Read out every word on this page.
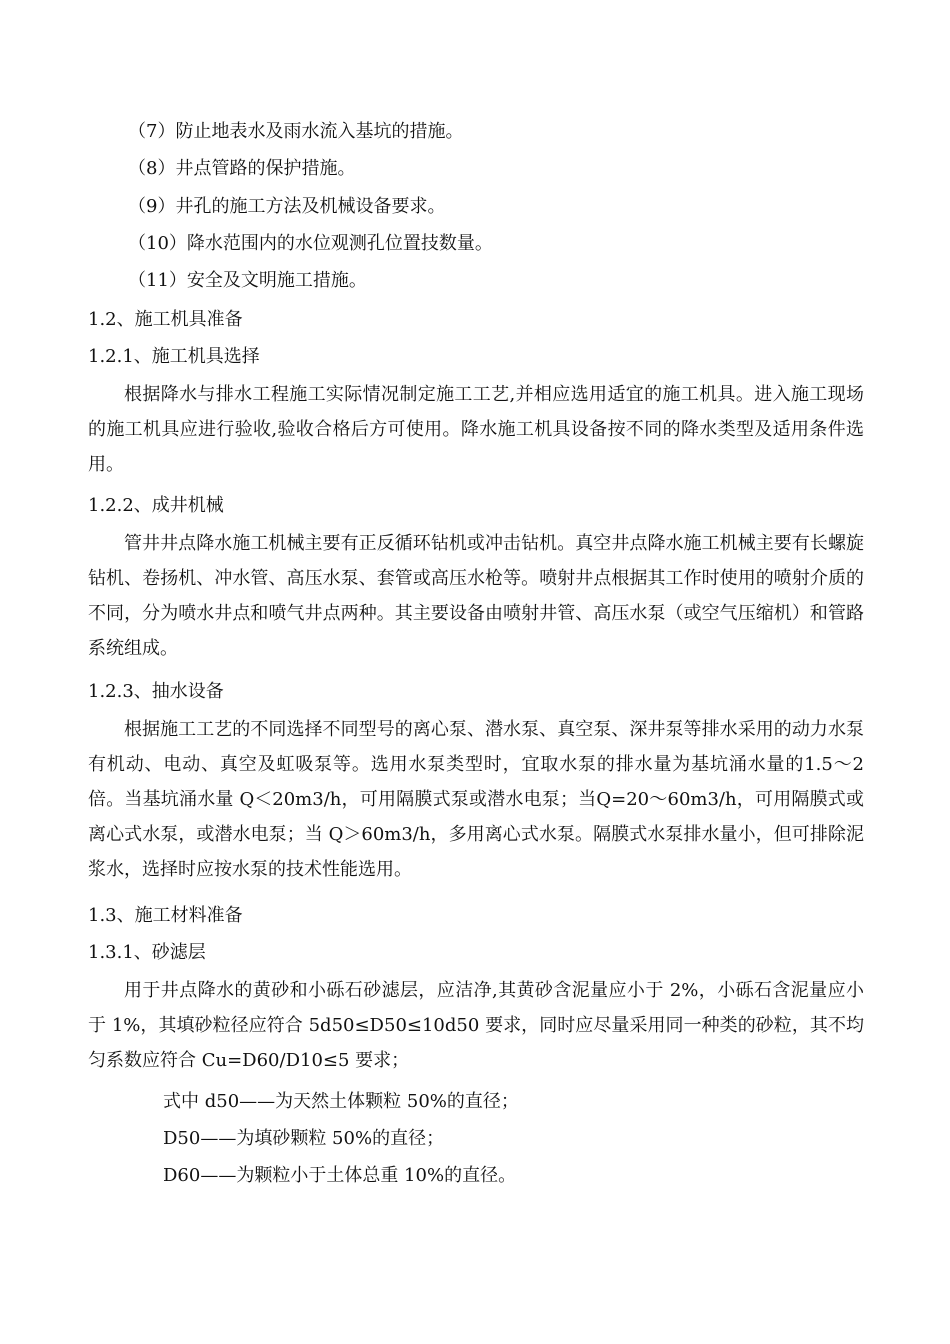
（7）防止地表水及雨水流入基坑的措施。
（8）井点管路的保护措施。
（9）井孔的施工方法及机械设备要求。
（10）降水范围内的水位观测孔位置技数量。
（11）安全及文明施工措施。
1.2、施工机具准备
1.2.1、施工机具选择
根据降水与排水工程施工实际情况制定施工工艺,并相应选用适宜的施工机具。进入施工现场的施工机具应进行验收,验收合格后方可使用。降水施工机具设备按不同的降水类型及适用条件选用。
1.2.2、成井机械
管井井点降水施工机械主要有正反循环钻机或冲击钻机。真空井点降水施工机械主要有长螺旋钻机、卷扬机、冲水管、高压水泵、套管或高压水枪等。喷射井点根据其工作时使用的喷射介质的不同，分为喷水井点和喷气井点两种。其主要设备由喷射井管、高压水泵（或空气压缩机）和管路系统组成。
1.2.3、抽水设备
根据施工工艺的不同选择不同型号的离心泵、潜水泵、真空泵、深井泵等排水采用的动力水泵有机动、电动、真空及虹吸泵等。选用水泵类型时，宜取水泵的排水量为基坑涌水量的1.5～2 倍。当基坑涌水量 Q＜20m3/h，可用隔膜式泵或潜水电泵；当Q=20～60m3/h，可用隔膜式或离心式水泵，或潜水电泵；当 Q＞60m3/h，多用离心式水泵。隔膜式水泵排水量小，但可排除泥浆水，选择时应按水泵的技术性能选用。
1.3、施工材料准备
1.3.1、砂滤层
用于井点降水的黄砂和小砾石砂滤层，应洁净,其黄砂含泥量应小于 2%，小砾石含泥量应小于 1%，其填砂粒径应符合 5d50≤D50≤10d50 要求，同时应尽量采用同一种类的砂粒，其不均匀系数应符合 Cu=D60/D10≤5 要求；
式中 d50——为天然土体颗粒 50%的直径；
D50——为填砂颗粒 50%的直径；
D60——为颗粒小于土体总重 10%的直径。
